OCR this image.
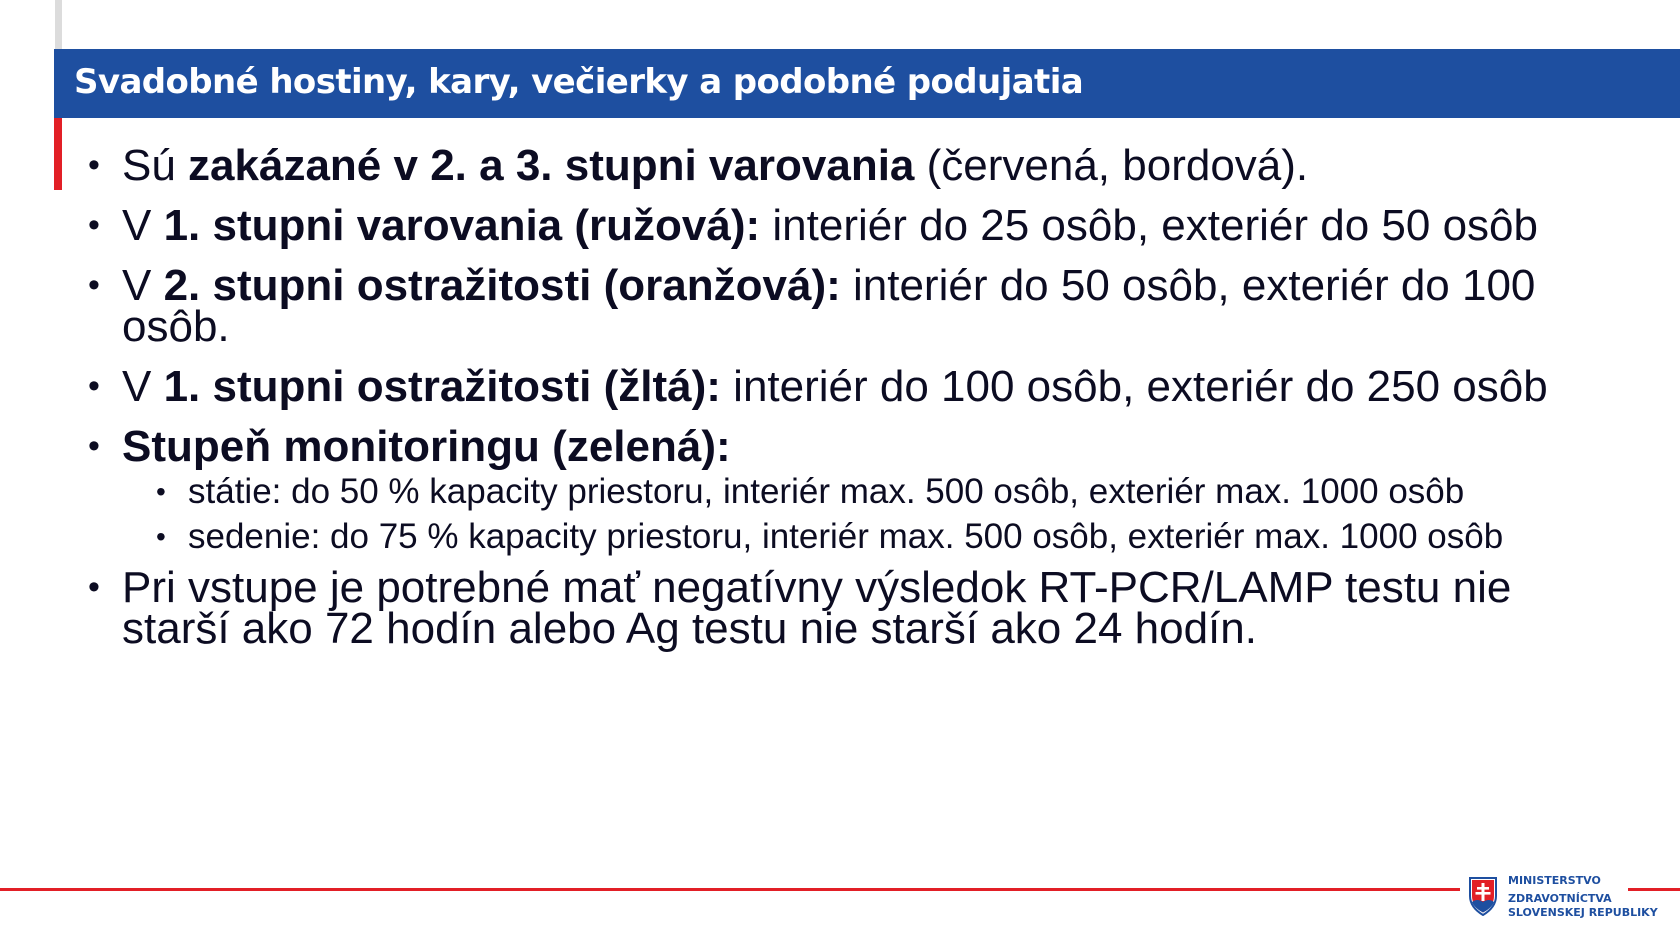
Svadobné hostiny, kary, večierky a podobné podujatia
• Sú zakázané v 2. a 3. stupni varovania (červená, bordová).
• V 1. stupni varovania (ružová): interiér do 25 osôb, exteriér do 50 osôb
• V 2. stupni ostražitosti (oranžová): interiér do 50 osôb, exteriér do 100 osôb.
• V 1. stupni ostražitosti (žltá): interiér do 100 osôb, exteriér do 250 osôb
• Stupeň monitoringu (zelená):
• státie: do 50 % kapacity priestoru, interiér max. 500 osôb, exteriér max. 1000 osôb
• sedenie: do 75 % kapacity priestoru, interiér max. 500 osôb, exteriér max. 1000 osôb
• Pri vstupe je potrebné mať negatívny výsledok RT-PCR/LAMP testu nie starší ako 72 hodín alebo Ag testu nie starší ako 24 hodín.
MINISTERSTVO
ZDRAVOTNÍCTVA
SLOVENSKEJ REPUBLIKY
